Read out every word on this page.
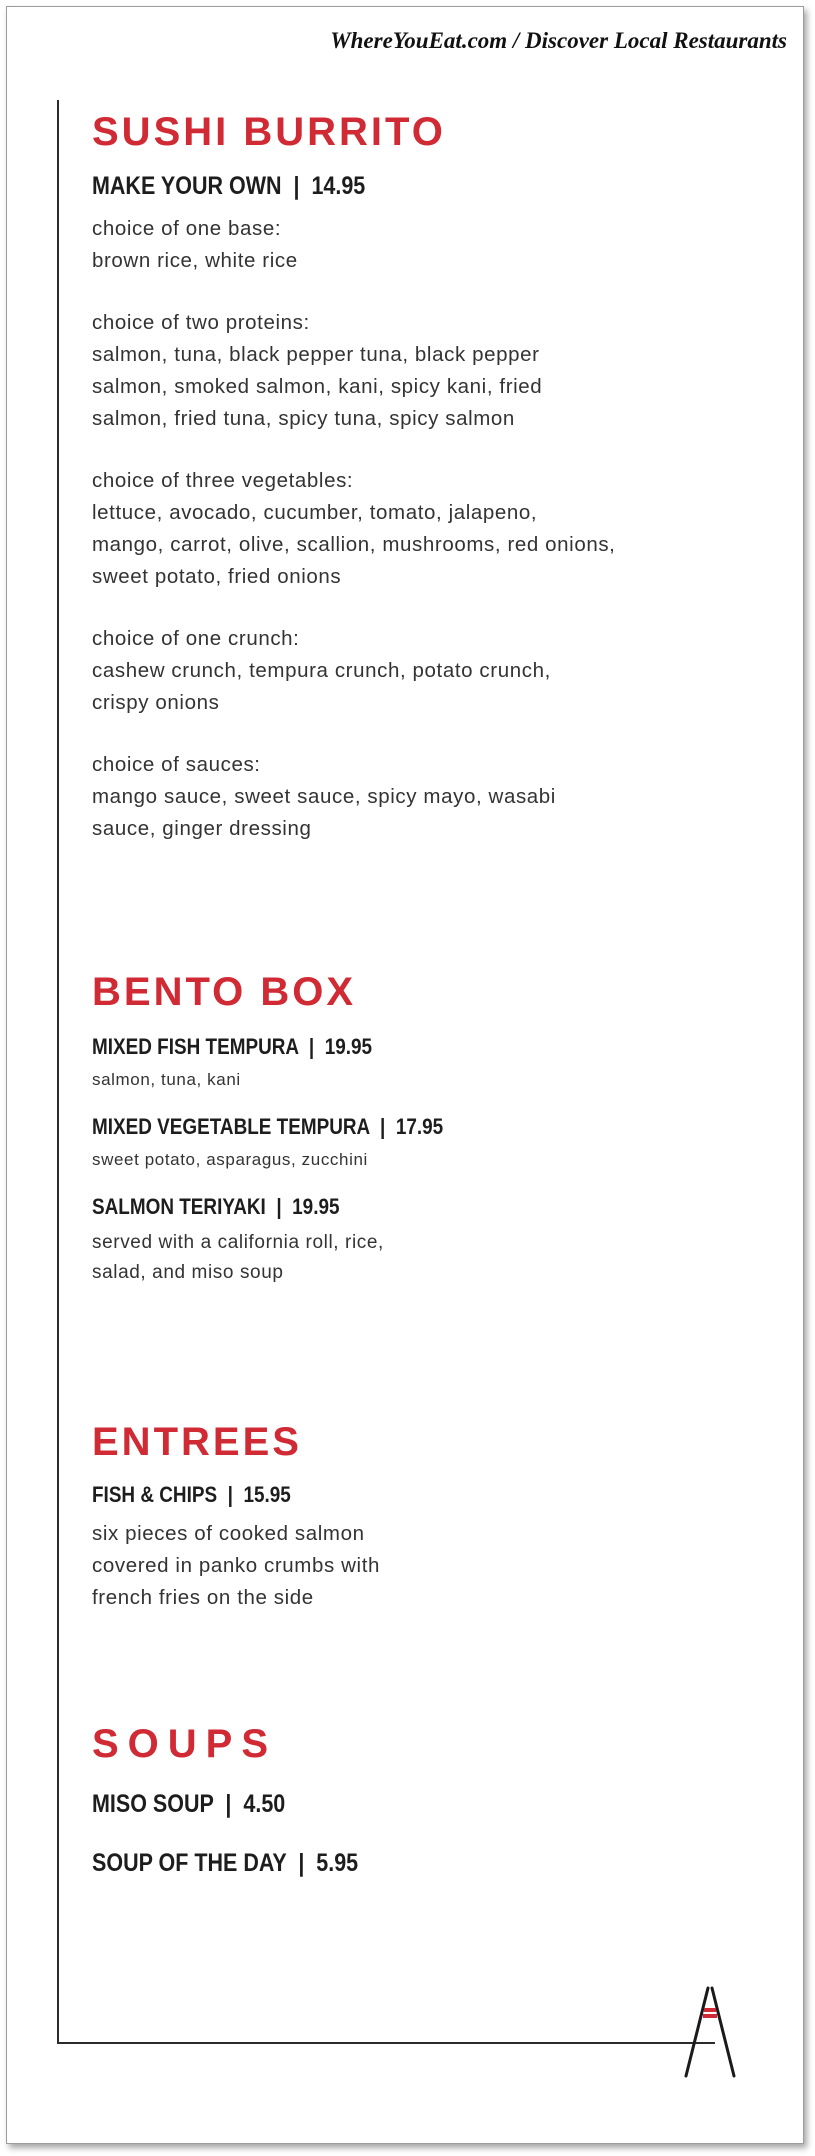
WhereYouEat.com / Discover Local Restaurants
SUSHI BURRITO
MAKE YOUR OWN  |  14.95
choice of one base:
brown rice, white rice
choice of two proteins:
salmon, tuna, black pepper tuna, black pepper
salmon, smoked salmon, kani, spicy kani, fried
salmon, fried tuna, spicy tuna, spicy salmon
choice of three vegetables:
lettuce, avocado, cucumber, tomato, jalapeno,
mango, carrot, olive, scallion, mushrooms, red onions,
sweet potato, fried onions
choice of one crunch:
cashew crunch, tempura crunch, potato crunch,
crispy onions
choice of sauces:
mango sauce, sweet sauce, spicy mayo, wasabi
sauce, ginger dressing
BENTO BOX
MIXED FISH TEMPURA  |  19.95
salmon, tuna, kani
MIXED VEGETABLE TEMPURA  |  17.95
sweet potato, asparagus, zucchini
SALMON TERIYAKI  |  19.95
served with a california roll, rice,
salad, and miso soup
ENTREES
FISH & CHIPS  |  15.95
six pieces of cooked salmon
covered in panko crumbs with
french fries on the side
SOUPS
MISO SOUP  |  4.50
SOUP OF THE DAY  |  5.95
